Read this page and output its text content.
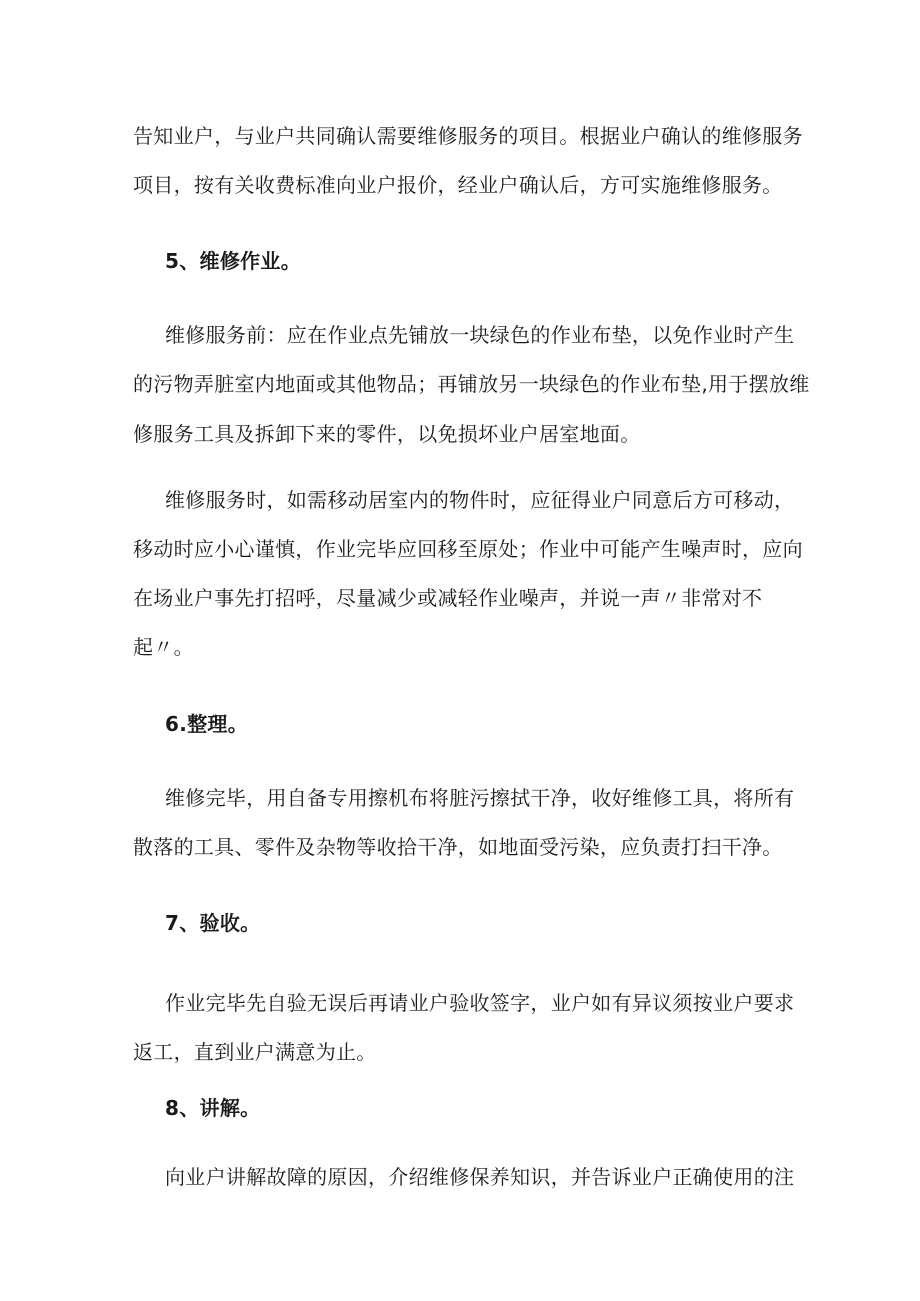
告知业户，与业户共同确认需要维修服务的项目。根据业户确认的维修服务
项目，按有关收费标准向业户报价，经业户确认后，方可实施维修服务。
5、维修作业。
维修服务前：应在作业点先铺放一块绿色的作业布垫，以免作业时产生
的污物弄脏室内地面或其他物品；再铺放另一块绿色的作业布垫,用于摆放维
修服务工具及拆卸下来的零件，以免损坏业户居室地面。
维修服务时，如需移动居室内的物件时，应征得业户同意后方可移动，
移动时应小心谨慎，作业完毕应回移至原处；作业中可能产生噪声时，应向
在场业户事先打招呼，尽量减少或减轻作业噪声，并说一声〃非常对不
起〃。
6.整理。
维修完毕，用自备专用擦机布将脏污擦拭干净，收好维修工具，将所有
散落的工具、零件及杂物等收拾干净，如地面受污染，应负责打扫干净。
7、验收。
作业完毕先自验无误后再请业户验收签字，业户如有异议须按业户要求
返工，直到业户满意为止。
8、讲解。
向业户讲解故障的原因，介绍维修保养知识，并告诉业户正确使用的注
